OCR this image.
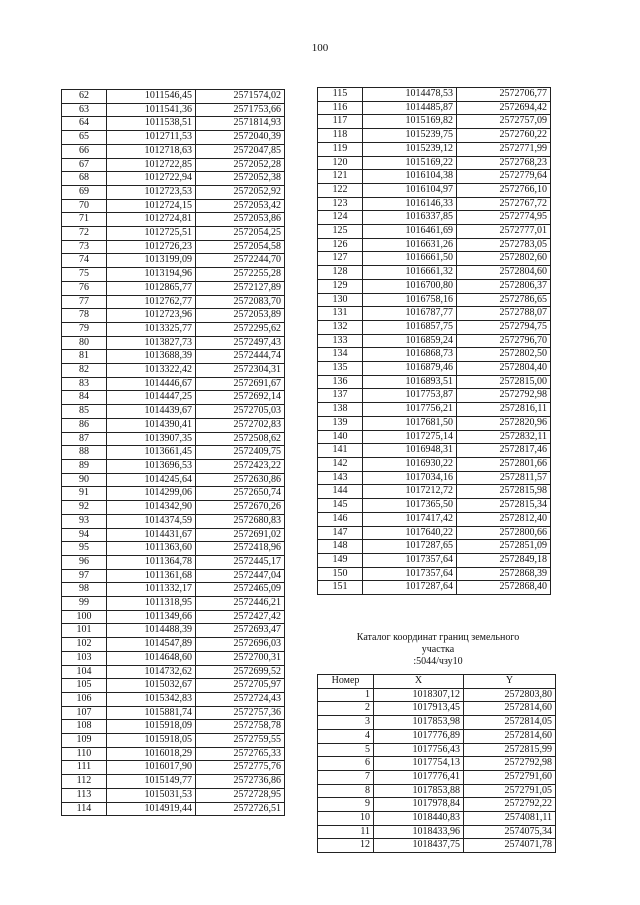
100
62	1011546,45	2571574,02
63	1011541,36	2571753,66
64	1011538,51	2571814,93
65	1012711,53	2572040,39
66	1012718,63	2572047,85
67	1012722,85	2572052,28
68	1012722,94	2572052,38
69	1012723,53	2572052,92
70	1012724,15	2572053,42
71	1012724,81	2572053,86
72	1012725,51	2572054,25
73	1012726,23	2572054,58
74	1013199,09	2572244,70
75	1013194,96	2572255,28
76	1012865,77	2572127,89
77	1012762,77	2572083,70
78	1012723,96	2572053,89
79	1013325,77	2572295,62
80	1013827,73	2572497,43
81	1013688,39	2572444,74
82	1013322,42	2572304,31
83	1014446,67	2572691,67
84	1014447,25	2572692,14
85	1014439,67	2572705,03
86	1014390,41	2572702,83
87	1013907,35	2572508,62
88	1013661,45	2572409,75
89	1013696,53	2572423,22
90	1014245,64	2572630,86
91	1014299,06	2572650,74
92	1014342,90	2572670,26
93	1014374,59	2572680,83
94	1014431,67	2572691,02
95	1011363,60	2572418,96
96	1011364,78	2572445,17
97	1011361,68	2572447,04
98	1011332,17	2572465,09
99	1011318,95	2572446,21
100	1011349,66	2572427,42
101	1014488,39	2572693,47
102	1014547,89	2572696,03
103	1014648,60	2572700,31
104	1014732,62	2572699,52
105	1015032,67	2572705,97
106	1015342,83	2572724,43
107	1015881,74	2572757,36
108	1015918,09	2572758,78
109	1015918,05	2572759,55
110	1016018,29	2572765,33
111	1016017,90	2572775,76
112	1015149,77	2572736,86
113	1015031,53	2572728,95
114	1014919,44	2572726,51
115	1014478,53	2572706,77
116	1014485,87	2572694,42
117	1015169,82	2572757,09
118	1015239,75	2572760,22
119	1015239,12	2572771,99
120	1015169,22	2572768,23
121	1016104,38	2572779,64
122	1016104,97	2572766,10
123	1016146,33	2572767,72
124	1016337,85	2572774,95
125	1016461,69	2572777,01
126	1016631,26	2572783,05
127	1016661,50	2572802,60
128	1016661,32	2572804,60
129	1016700,80	2572806,37
130	1016758,16	2572786,65
131	1016787,77	2572788,07
132	1016857,75	2572794,75
133	1016859,24	2572796,70
134	1016868,73	2572802,50
135	1016879,46	2572804,40
136	1016893,51	2572815,00
137	1017753,87	2572792,98
138	1017756,21	2572816,11
139	1017681,50	2572820,96
140	1017275,14	2572832,11
141	1016948,31	2572817,46
142	1016930,22	2572801,66
143	1017034,16	2572811,57
144	1017212,72	2572815,98
145	1017365,50	2572815,34
146	1017417,42	2572812,40
147	1017640,22	2572800,66
148	1017287,65	2572851,09
149	1017357,64	2572849,18
150	1017357,64	2572868,39
151	1017287,64	2572868,40
Каталог координат границ земельного
участка
:5044/чзу10
Номер	X	Y
1	1018307,12	2572803,80
2	1017913,45	2572814,60
3	1017853,98	2572814,05
4	1017776,89	2572814,60
5	1017756,43	2572815,99
6	1017754,13	2572792,98
7	1017776,41	2572791,60
8	1017853,88	2572791,05
9	1017978,84	2572792,22
10	1018440,83	2574081,11
11	1018433,96	2574075,34
12	1018437,75	2574071,78
